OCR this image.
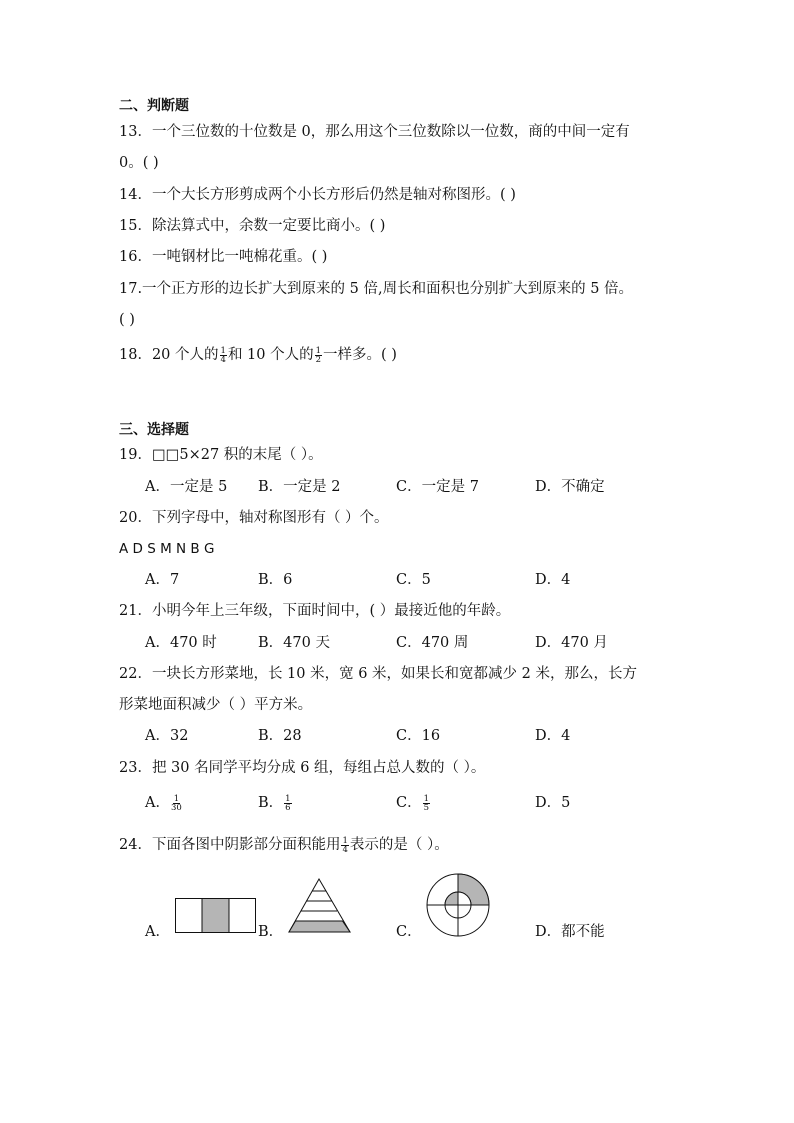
二、判断题
13．一个三位数的十位数是 0，那么用这个三位数除以一位数，商的中间一定有
0。( )
14．一个大长方形剪成两个小长方形后仍然是轴对称图形。( )
15．除法算式中，余数一定要比商小。( )
16．一吨钢材比一吨棉花重。( )
17.一个正方形的边长扩大到原来的 5 倍,周长和面积也分别扩大到原来的 5 倍。
( )
18．20 个人的 $\frac{1}{4}$ 和 10 个人的 $\frac{1}{2}$ 一样多。( )
三、选择题
19．□□5×27 积的末尾（ ）。
A．一定是 5 B．一定是 2	C．一定是 7	D．不确定
20．下列字母中，轴对称图形有（ ）个。
A D S M N B G
A．7	B．6	C．5	D．4
21．小明今年上三年级，下面时间中，( ）最接近他的年龄。
A．470 时	B．470 天	C．470 周	D．470 月
22．一块长方形菜地，长 10 米，宽 6 米，如果长和宽都减少 2 米，那么，长方
形菜地面积减少（ ）平方米。
A．32	B．28	C．16	D．4
23．把 30 名同学平均分成 6 组，每组占总人数的（ ）。
A． $\frac{1}{30}$	B． $\frac{1}{6}$	C． $\frac{1}{5}$	D．5
24．下面各图中阴影部分面积能用 $\frac{1}{4}$ 表示的是（ ）。
A．	B．	C．	D．都不能
